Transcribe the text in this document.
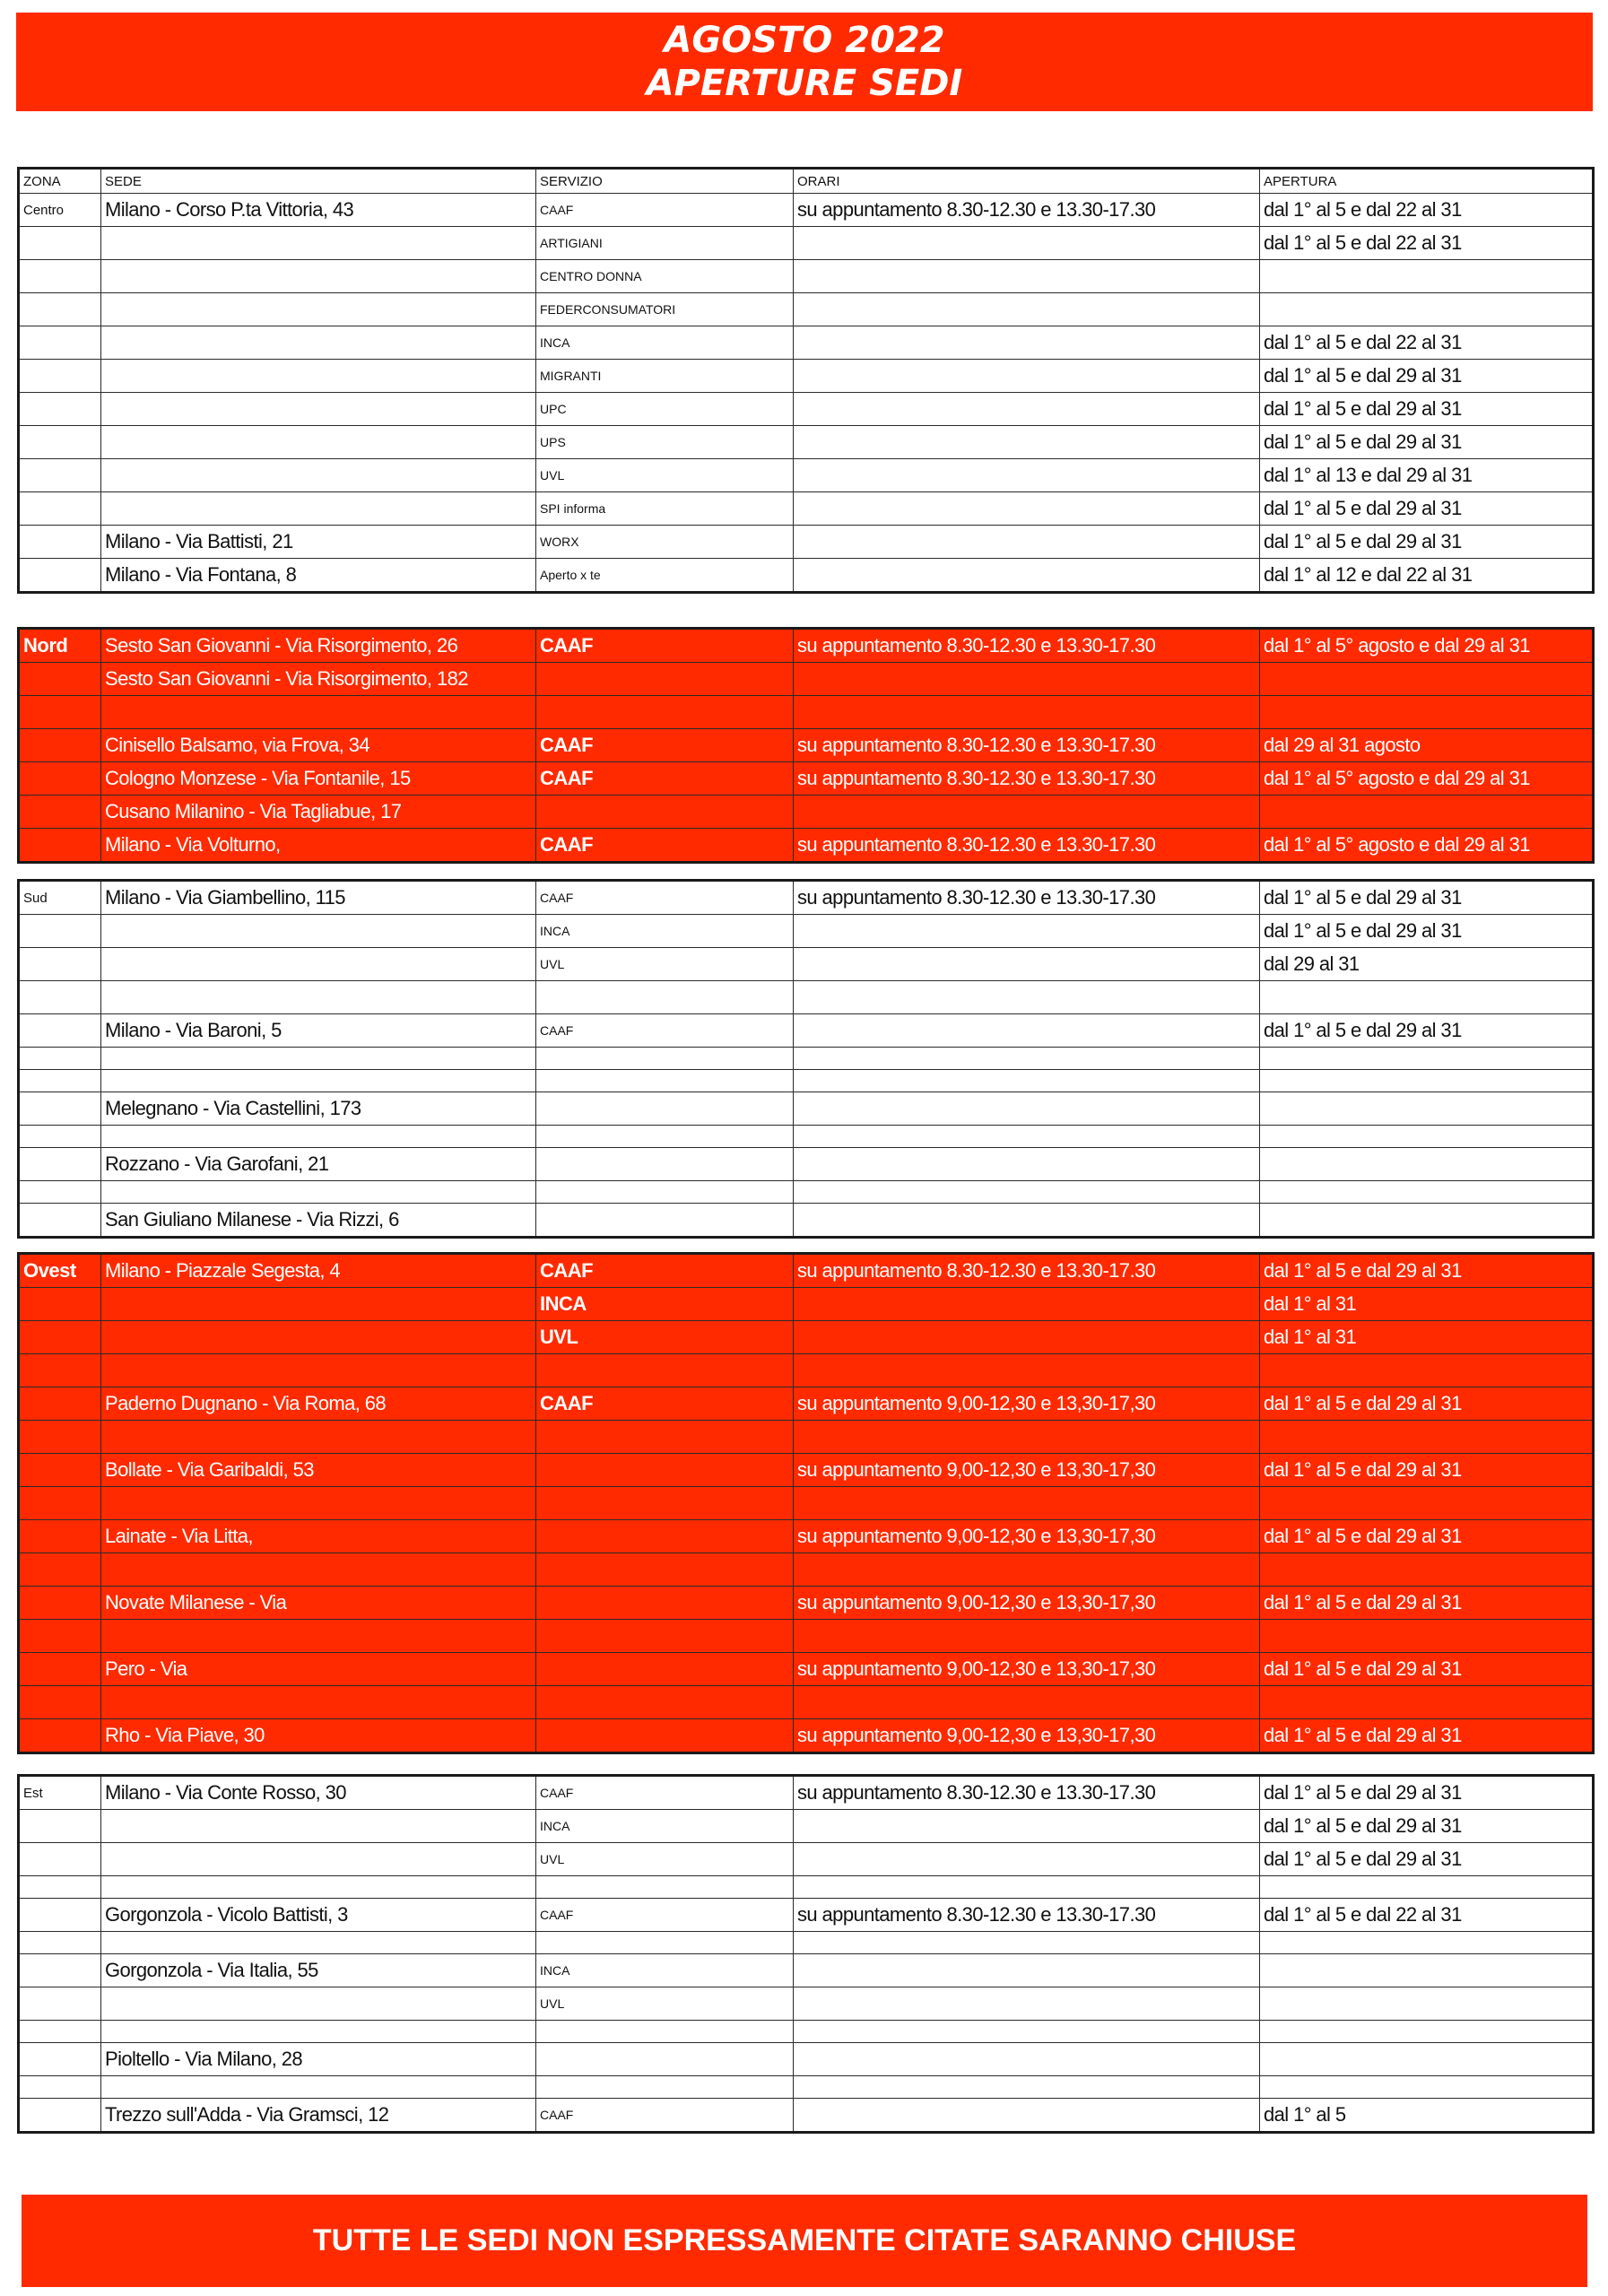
AGOSTO 2022
APERTURE SEDI
ZONA	SEDE	SERVIZIO	ORARI	APERTURA
Centro	Milano - Corso P.ta Vittoria, 43	CAAF	su appuntamento 8.30-12.30 e 13.30-17.30	dal 1° al 5 e dal 22 al 31
		ARTIGIANI		dal 1° al 5 e dal 22 al 31
		CENTRO DONNA		
		FEDERCONSUMATORI		
		INCA		dal 1° al 5 e dal 22 al 31
		MIGRANTI		dal 1° al 5 e dal 29 al 31
		UPC		dal 1° al 5 e dal 29 al 31
		UPS		dal 1° al 5 e dal 29 al 31
		UVL		dal 1° al 13 e dal 29 al 31
		SPI informa		dal 1° al 5 e dal 29 al 31
	Milano - Via Battisti, 21	WORX		dal 1° al 5 e dal 29 al 31
	Milano - Via Fontana, 8	Aperto x te		dal 1° al 12 e dal 22 al 31
Nord	Sesto San Giovanni - Via Risorgimento, 26	CAAF	su appuntamento 8.30-12.30 e 13.30-17.30	dal 1° al 5° agosto e dal 29 al 31
	Sesto San Giovanni - Via Risorgimento, 182			

	Cinisello Balsamo, via Frova, 34	CAAF	su appuntamento 8.30-12.30 e 13.30-17.30	dal 29 al 31 agosto
	Cologno Monzese - Via Fontanile, 15	CAAF	su appuntamento 8.30-12.30 e 13.30-17.30	dal 1° al 5° agosto e dal 29 al 31
	Cusano Milanino - Via Tagliabue, 17			
	Milano - Via Volturno,	CAAF	su appuntamento 8.30-12.30 e 13.30-17.30	dal 1° al 5° agosto e dal 29 al 31
Sud	Milano - Via Giambellino, 115	CAAF	su appuntamento 8.30-12.30 e 13.30-17.30	dal 1° al 5 e dal 29 al 31
		INCA		dal 1° al 5 e dal 29 al 31
		UVL		dal 29 al 31

	Milano - Via Baroni, 5	CAAF		dal 1° al 5 e dal 29 al 31

	Melegnano - Via Castellini, 173			

	Rozzano - Via Garofani, 21			

	San Giuliano Milanese - Via Rizzi, 6			
Ovest	Milano - Piazzale Segesta, 4	CAAF	su appuntamento 8.30-12.30 e 13.30-17.30	dal 1° al 5 e dal 29 al 31
		INCA		dal 1° al 31
		UVL		dal 1° al 31

	Paderno Dugnano - Via Roma, 68	CAAF	su appuntamento 9,00-12,30 e 13,30-17,30	dal 1° al 5 e dal 29 al 31

	Bollate - Via Garibaldi, 53		su appuntamento 9,00-12,30 e 13,30-17,30	dal 1° al 5 e dal 29 al 31

	Lainate - Via Litta,		su appuntamento 9,00-12,30 e 13,30-17,30	dal 1° al 5 e dal 29 al 31

	Novate Milanese - Via		su appuntamento 9,00-12,30 e 13,30-17,30	dal 1° al 5 e dal 29 al 31

	Pero - Via		su appuntamento 9,00-12,30 e 13,30-17,30	dal 1° al 5 e dal 29 al 31

	Rho - Via Piave, 30		su appuntamento 9,00-12,30 e 13,30-17,30	dal 1° al 5 e dal 29 al 31
Est	Milano - Via Conte Rosso, 30	CAAF	su appuntamento 8.30-12.30 e 13.30-17.30	dal 1° al 5 e dal 29 al 31
		INCA		dal 1° al 5 e dal 29 al 31
		UVL		dal 1° al 5 e dal 29 al 31

	Gorgonzola - Vicolo Battisti, 3	CAAF	su appuntamento 8.30-12.30 e 13.30-17.30	dal 1° al 5 e dal 22 al 31

	Gorgonzola - Via Italia, 55	INCA		
		UVL		

	Pioltello - Via Milano, 28			

	Trezzo sull'Adda - Via Gramsci, 12	CAAF		dal 1° al 5
TUTTE LE SEDI NON ESPRESSAMENTE CITATE SARANNO CHIUSE
